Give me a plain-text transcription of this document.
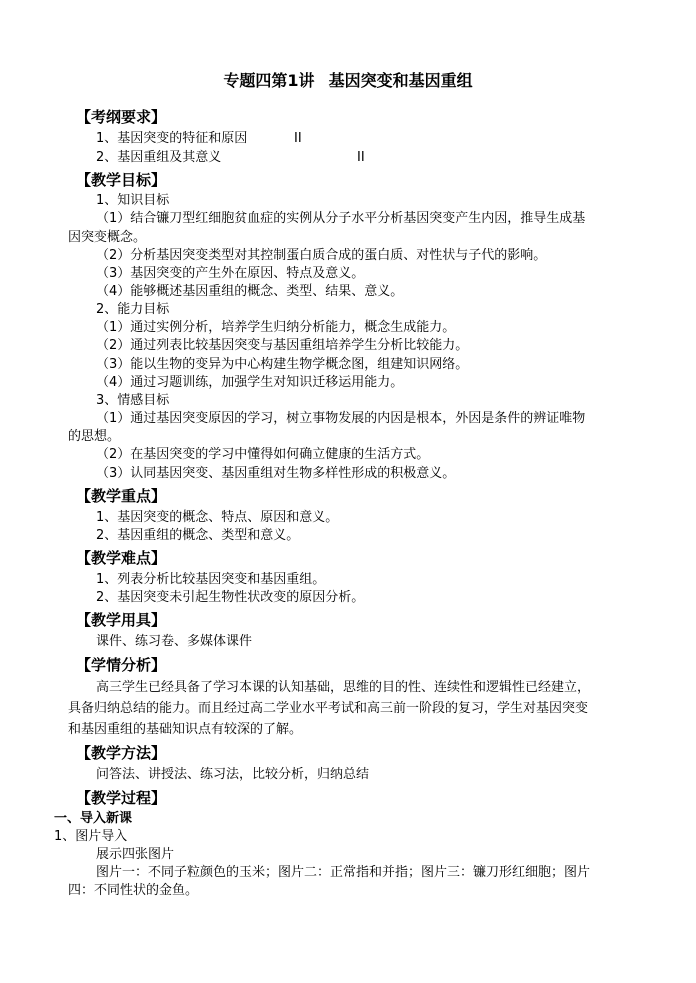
专题四第1讲 基因突变和基因重组
【考纲要求】
1、基因突变的特征和原因	II
2、基因重组及其意义	II
【教学目标】
1、知识目标
（1）结合镰刀型红细胞贫血症的实例从分子水平分析基因突变产生内因，推导生成基
因突变概念。
（2）分析基因突变类型对其控制蛋白质合成的蛋白质、对性状与子代的影响。
（3）基因突变的产生外在原因、特点及意义。
（4）能够概述基因重组的概念、类型、结果、意义。
2、能力目标
（1）通过实例分析，培养学生归纳分析能力，概念生成能力。
（2）通过列表比较基因突变与基因重组培养学生分析比较能力。
（3）能以生物的变异为中心构建生物学概念图，组建知识网络。
（4）通过习题训练，加强学生对知识迁移运用能力。
3、情感目标
（1）通过基因突变原因的学习，树立事物发展的内因是根本，外因是条件的辨证唯物
的思想。
（2）在基因突变的学习中懂得如何确立健康的生活方式。
（3）认同基因突变、基因重组对生物多样性形成的积极意义。
【教学重点】
1、基因突变的概念、特点、原因和意义。
2、基因重组的概念、类型和意义。
【教学难点】
1、列表分析比较基因突变和基因重组。
2、基因突变未引起生物性状改变的原因分析。
【教学用具】
课件、练习卷、多媒体课件
【学情分析】
高三学生已经具备了学习本课的认知基础，思维的目的性、连续性和逻辑性已经建立，
具备归纳总结的能力。而且经过高二学业水平考试和高三前一阶段的复习，学生对基因突变
和基因重组的基础知识点有较深的了解。
【教学方法】
问答法、讲授法、练习法，比较分析，归纳总结
【教学过程】
一、导入新课
1、图片导入
展示四张图片
图片一：不同子粒颜色的玉米；图片二：正常指和并指；图片三：镰刀形红细胞；图片
四：不同性状的金鱼。
